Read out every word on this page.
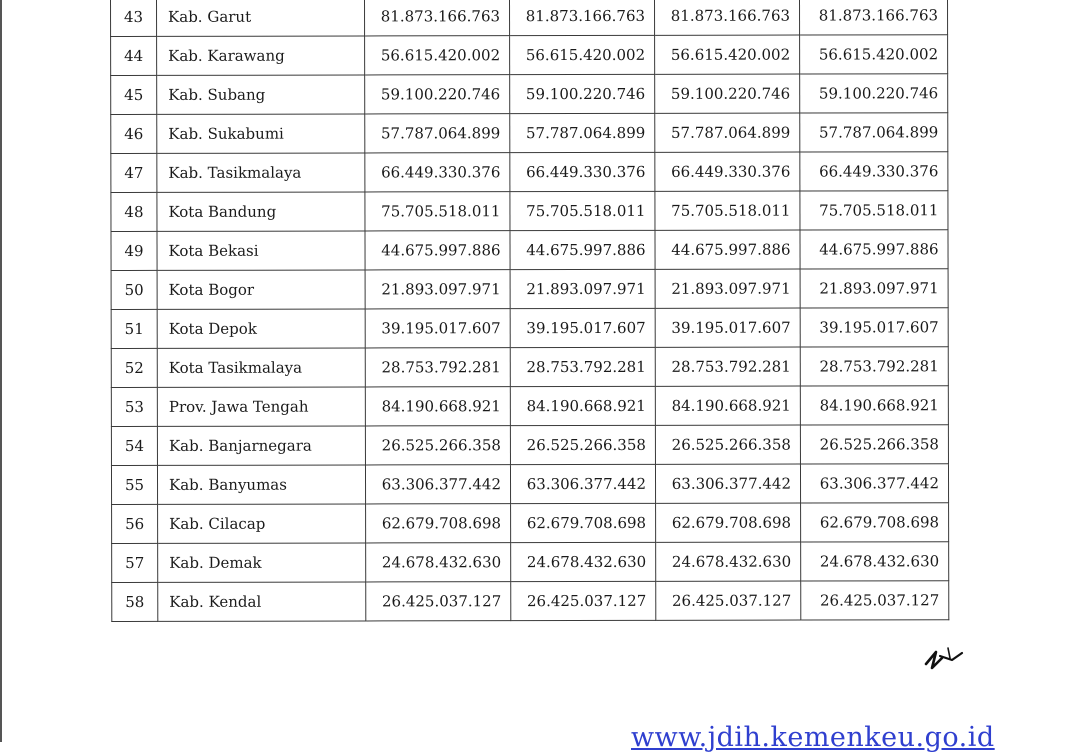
43	Kab. Garut	81.873.166.763	81.873.166.763	81.873.166.763	81.873.166.763
44	Kab. Karawang	56.615.420.002	56.615.420.002	56.615.420.002	56.615.420.002
45	Kab. Subang	59.100.220.746	59.100.220.746	59.100.220.746	59.100.220.746
46	Kab. Sukabumi	57.787.064.899	57.787.064.899	57.787.064.899	57.787.064.899
47	Kab. Tasikmalaya	66.449.330.376	66.449.330.376	66.449.330.376	66.449.330.376
48	Kota Bandung	75.705.518.011	75.705.518.011	75.705.518.011	75.705.518.011
49	Kota Bekasi	44.675.997.886	44.675.997.886	44.675.997.886	44.675.997.886
50	Kota Bogor	21.893.097.971	21.893.097.971	21.893.097.971	21.893.097.971
51	Kota Depok	39.195.017.607	39.195.017.607	39.195.017.607	39.195.017.607
52	Kota Tasikmalaya	28.753.792.281	28.753.792.281	28.753.792.281	28.753.792.281
53	Prov. Jawa Tengah	84.190.668.921	84.190.668.921	84.190.668.921	84.190.668.921
54	Kab. Banjarnegara	26.525.266.358	26.525.266.358	26.525.266.358	26.525.266.358
55	Kab. Banyumas	63.306.377.442	63.306.377.442	63.306.377.442	63.306.377.442
56	Kab. Cilacap	62.679.708.698	62.679.708.698	62.679.708.698	62.679.708.698
57	Kab. Demak	24.678.432.630	24.678.432.630	24.678.432.630	24.678.432.630
58	Kab. Kendal	26.425.037.127	26.425.037.127	26.425.037.127	26.425.037.127
www.jdih.kemenkeu.go.id
